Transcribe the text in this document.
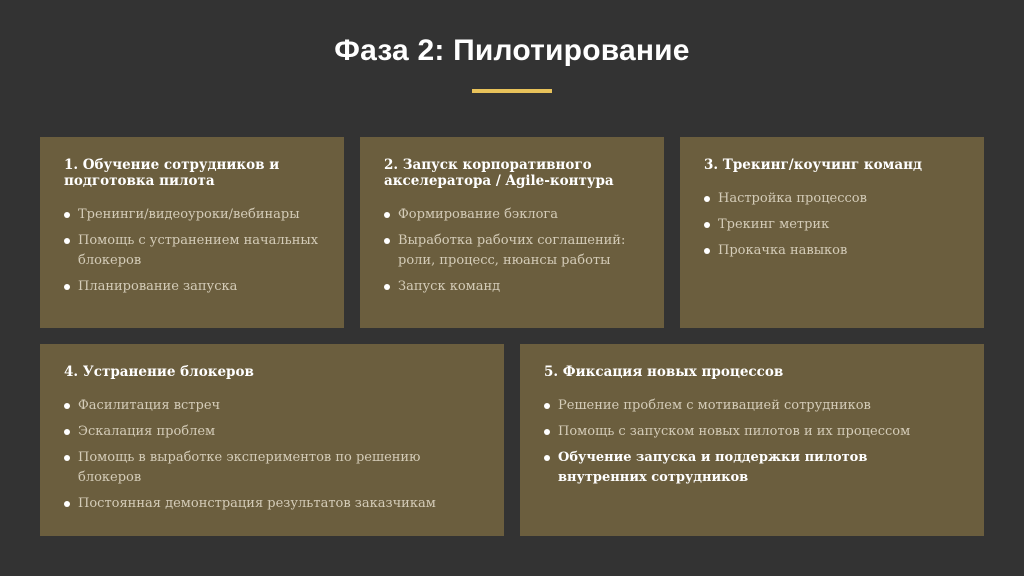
Фаза 2: Пилотирование
1. Обучение сотрудников и подготовка пилота
Тренинги/видеоуроки/вебинары
Помощь с устранением начальных блокеров
Планирование запуска
2. Запуск корпоративного акселератора / Agile-контура
Формирование бэклога
Выработка рабочих соглашений: роли, процесс, нюансы работы
Запуск команд
3. Трекинг/коучинг команд
Настройка процессов
Трекинг метрик
Прокачка навыков
4. Устранение блокеров
Фасилитация встреч
Эскалация проблем
Помощь в выработке экспериментов по решению блокеров
Постоянная демонстрация результатов заказчикам
5. Фиксация новых процессов
Решение проблем с мотивацией сотрудников
Помощь с запуском новых пилотов и их процессом
Обучение запуска и поддержки пилотов внутренних сотрудников
